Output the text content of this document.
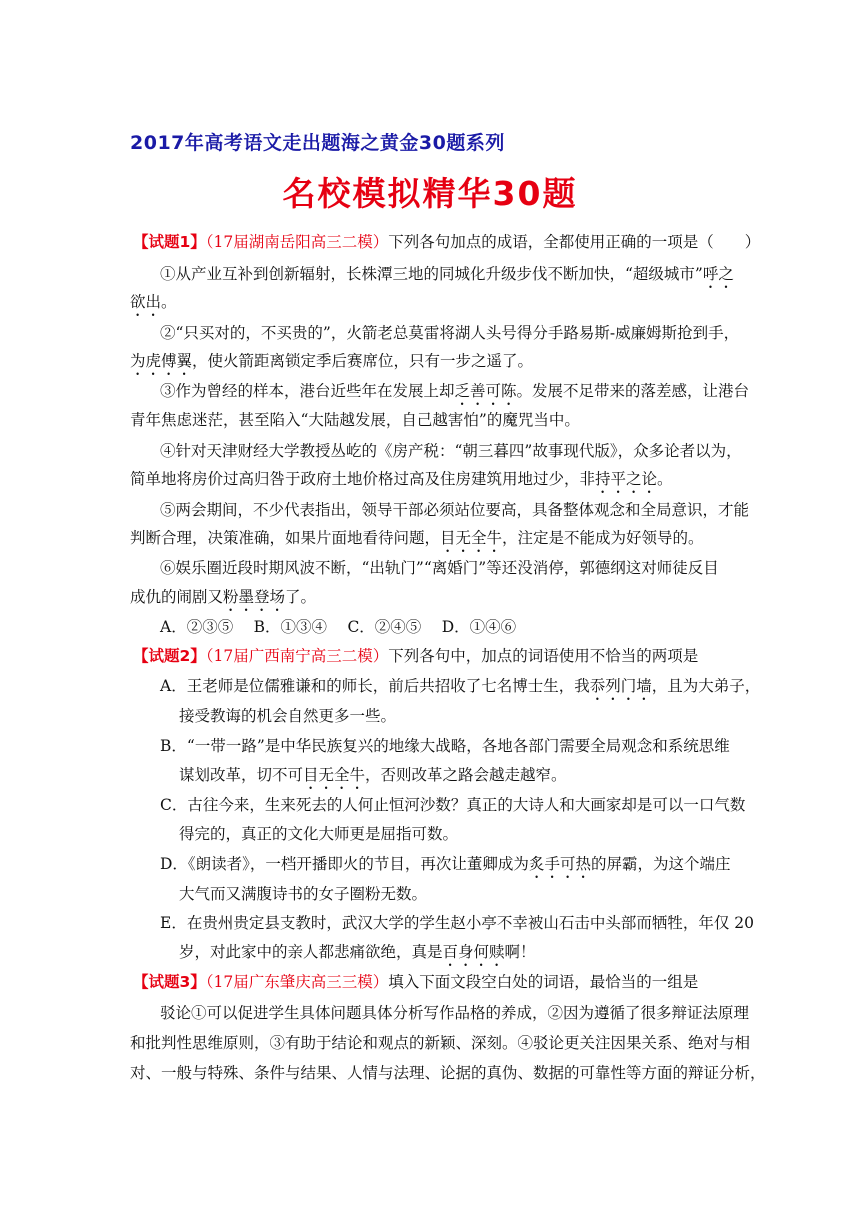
2017年高考语文走出题海之黄金30题系列
名校模拟精华30题
【试题1】（17届湖南岳阳高三二模）下列各句加点的成语，全都使用正确的一项是（　　）
①从产业互补到创新辐射，长株潭三地的同城化升级步伐不断加快，“超级城市”呼之
欲出。
②“只买对的，不买贵的”，火箭老总莫雷将湖人头号得分手路易斯-威廉姆斯抢到手，
为虎傅翼，使火箭距离锁定季后赛席位，只有一步之遥了。
③作为曾经的样本，港台近些年在发展上却乏善可陈。发展不足带来的落差感，让港台
青年焦虑迷茫，甚至陷入“大陆越发展，自己越害怕”的魔咒当中。
④针对天津财经大学教授丛屹的《房产税：“朝三暮四”故事现代版》，众多论者以为，
简单地将房价过高归咎于政府土地价格过高及住房建筑用地过少，非持平之论。
⑤两会期间，不少代表指出，领导干部必须站位要高，具备整体观念和全局意识，才能
判断合理，决策准确，如果片面地看待问题，目无全牛，注定是不能成为好领导的。
⑥娱乐圈近段时期风波不断，“出轨门”“离婚门”等还没消停，郭德纲这对师徒反目
成仇的闹剧又粉墨登场了。
A．②③⑤　 B．①③④　 C．②④⑤　 D．①④⑥
【试题2】（17届广西南宁高三二模）下列各句中，加点的词语使用不恰当的两项是
A．王老师是位儒雅谦和的师长，前后共招收了七名博士生，我忝列门墙，且为大弟子，
接受教诲的机会自然更多一些。
B．“一带一路”是中华民族复兴的地缘大战略，各地各部门需要全局观念和系统思维
谋划改革，切不可目无全牛，否则改革之路会越走越窄。
C．古往今来，生来死去的人何止恒河沙数？真正的大诗人和大画家却是可以一口气数
得完的，真正的文化大师更是屈指可数。
D．《朗读者》，一档开播即火的节目，再次让董卿成为炙手可热的屏霸，为这个端庄
大气而又满腹诗书的女子圈粉无数。
E．在贵州贵定县支教时，武汉大学的学生赵小亭不幸被山石击中头部而牺牲，年仅 20
岁，对此家中的亲人都悲痛欲绝，真是百身何赎啊！
【试题3】（17届广东肇庆高三三模）填入下面文段空白处的词语，最恰当的一组是
驳论①可以促进学生具体问题具体分析写作品格的养成，②因为遵循了很多辩证法原理
和批判性思维原则，③有助于结论和观点的新颖、深刻。④驳论更关注因果关系、绝对与相
对、一般与特殊、条件与结果、人情与法理、论据的真伪、数据的可靠性等方面的辩证分析，
